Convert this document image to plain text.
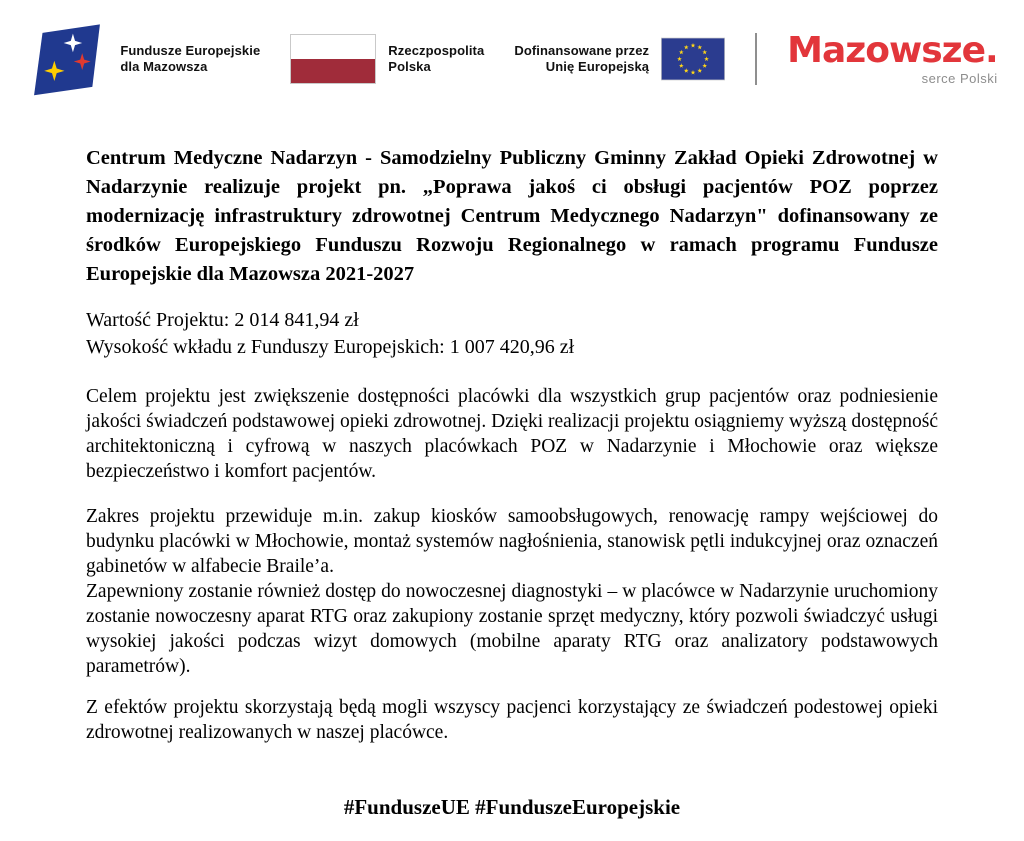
Fundusze Europejskie
dla Mazowsza
Rzeczpospolita
Polska
Dofinansowane przez
Unię Europejską	Mazowsze.
serce Polski

Centrum Medyczne Nadarzyn - Samodzielny Publiczny Gminny Zakład Opieki Zdrowotnej w Nadarzynie realizuje projekt pn. „Poprawa jakoś ci obsługi pacjentów POZ poprzez modernizację infrastruktury zdrowotnej Centrum Medycznego Nadarzyn" dofinansowany ze środków Europejskiego Funduszu Rozwoju Regionalnego w ramach programu Fundusze Europejskie dla Mazowsza 2021-2027

Wartość Projektu: 2 014 841,94 zł
Wysokość wkładu z Funduszy Europejskich: 1 007 420,96 zł

Celem projektu jest zwiększenie dostępności placówki dla wszystkich grup pacjentów oraz podniesienie jakości świadczeń podstawowej opieki zdrowotnej. Dzięki realizacji projektu osiągniemy wyższą dostępność architektoniczną i cyfrową w naszych placówkach POZ w Nadarzynie i Młochowie oraz większe bezpieczeństwo i komfort pacjentów.

Zakres projektu przewiduje m.in. zakup kiosków samoobsługowych, renowację rampy wejściowej do budynku placówki w Młochowie, montaż systemów nagłośnienia, stanowisk pętli indukcyjnej oraz oznaczeń gabinetów w alfabecie Braile’a.

Zapewniony zostanie również dostęp do nowoczesnej diagnostyki – w placówce w Nadarzynie uruchomiony zostanie nowoczesny aparat RTG oraz zakupiony zostanie sprzęt medyczny, który pozwoli świadczyć usługi wysokiej jakości podczas wizyt domowych (mobilne aparaty RTG oraz analizatory podstawowych parametrów).

Z efektów projektu skorzystają będą mogli wszyscy pacjenci korzystający ze świadczeń podestowej opieki zdrowotnej realizowanych w naszej placówce.

#FunduszeUE #FunduszeEuropejskie
